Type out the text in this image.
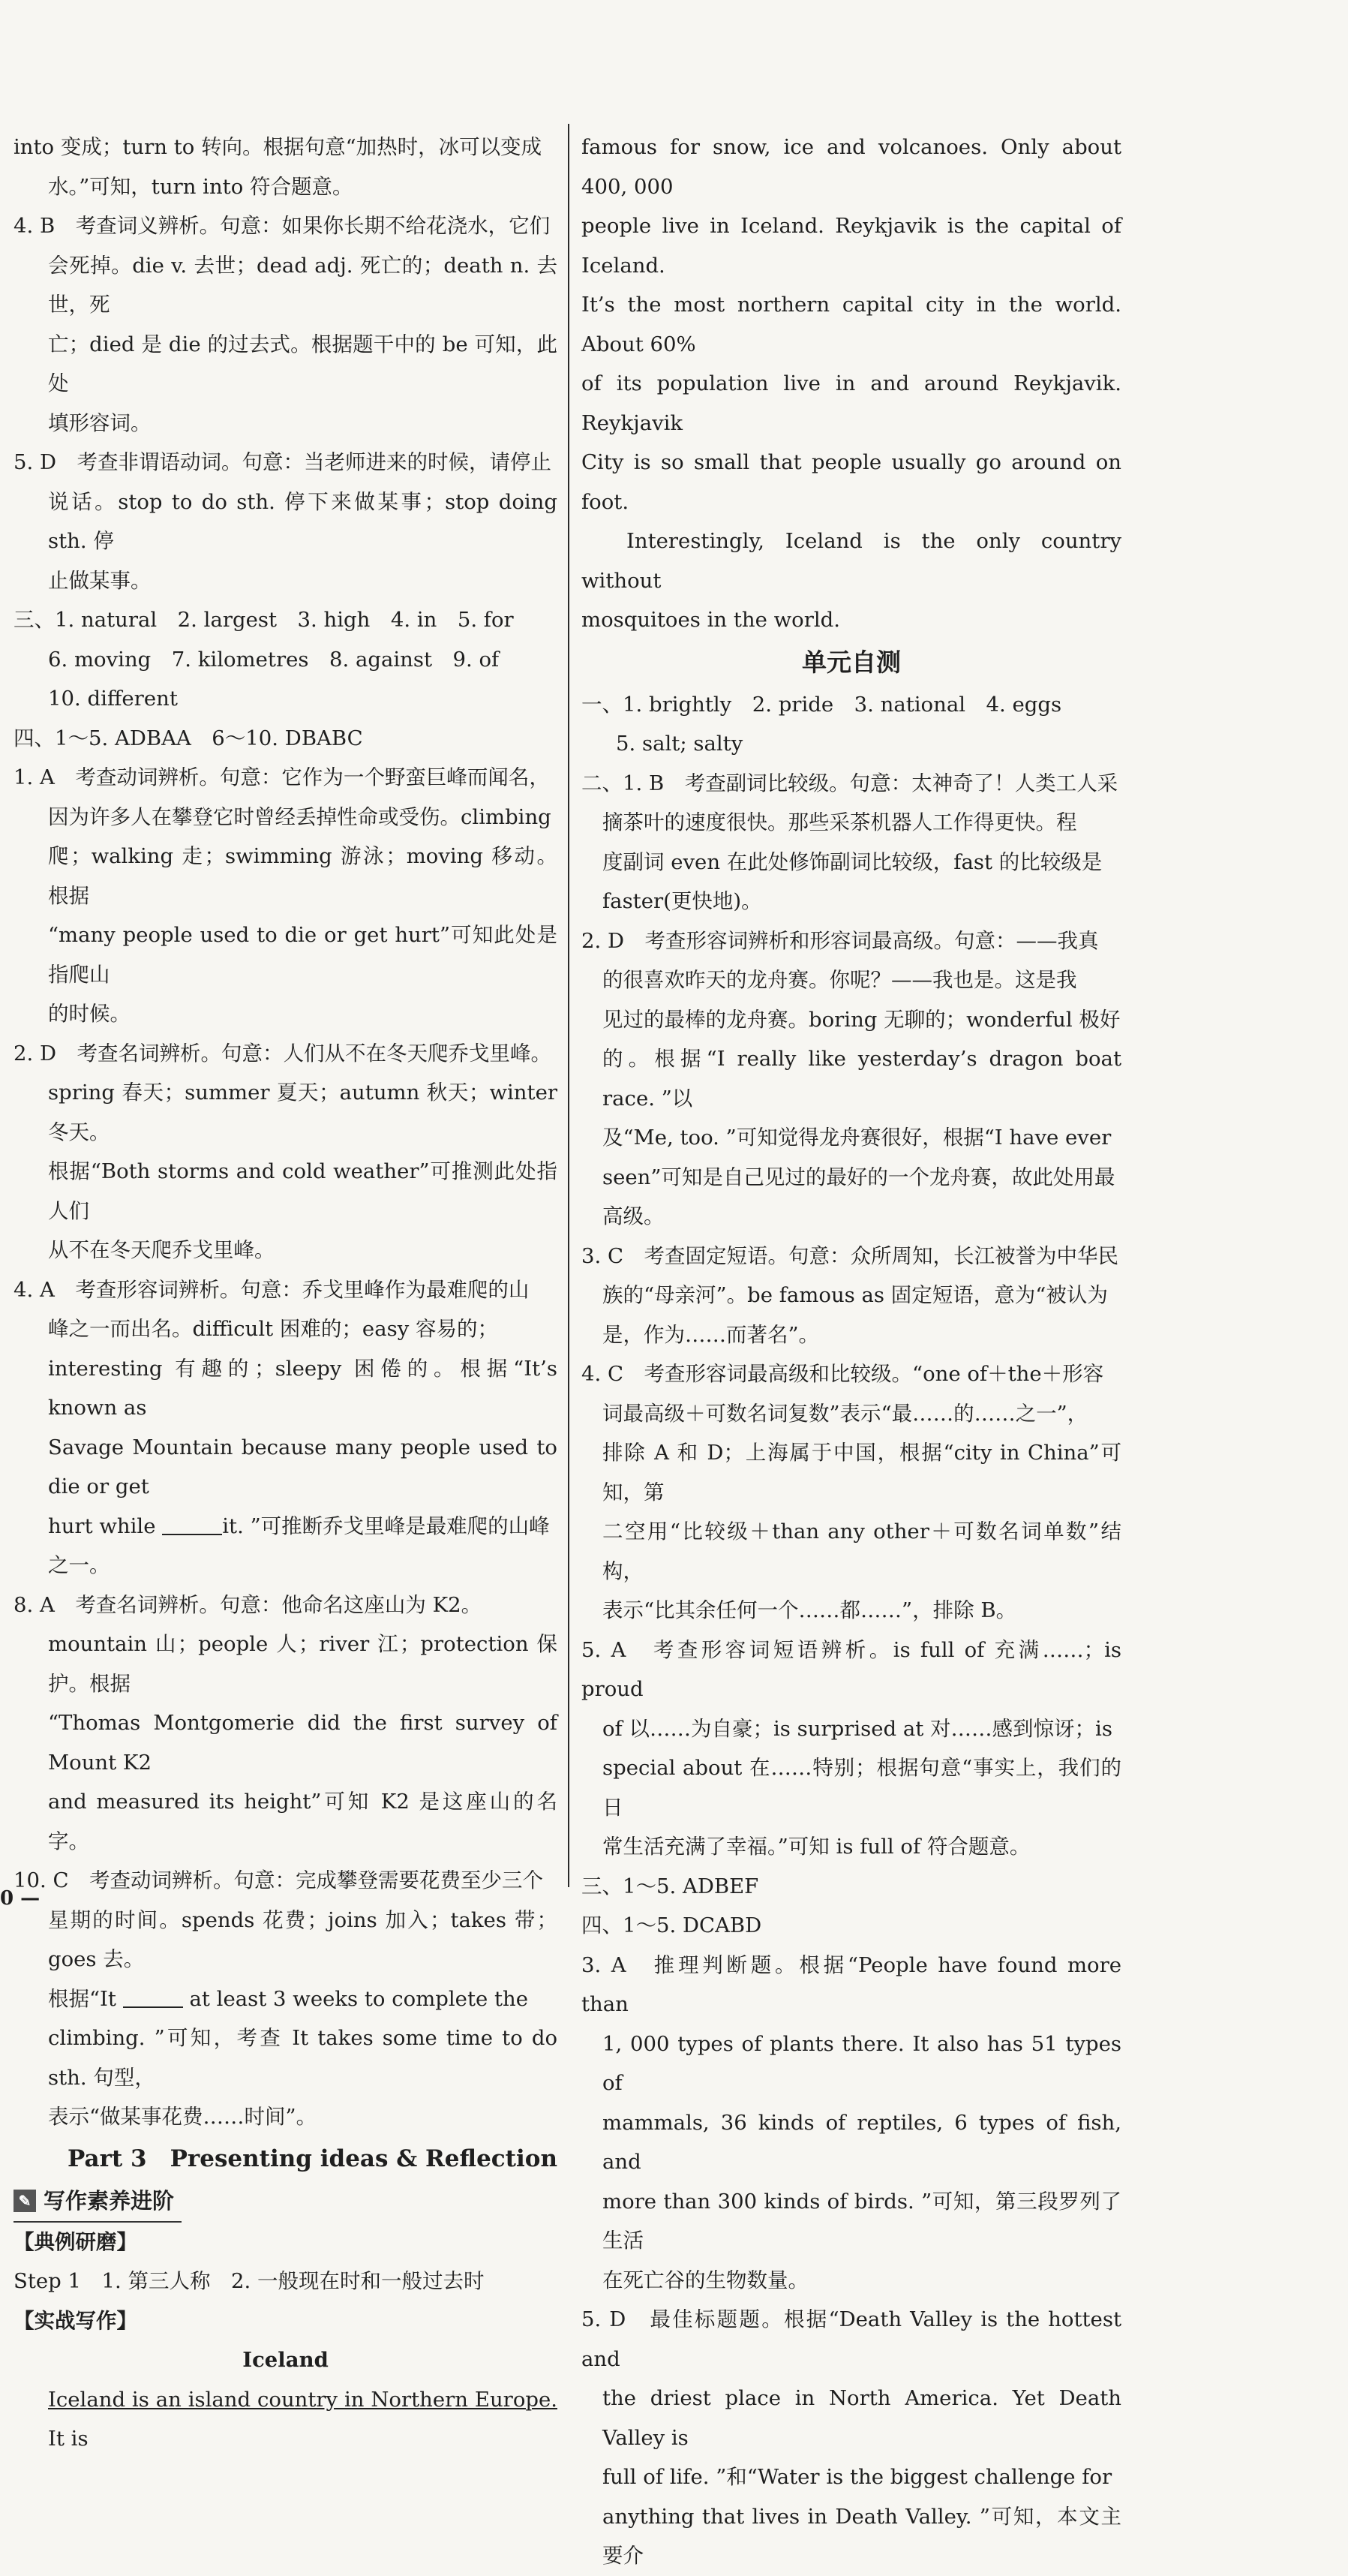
into 变成；turn to 转向。根据句意“加热时，冰可以变成

水。”可知，turn into 符合题意。

4. B　考查词义辨析。句意：如果你长期不给花浇水，它们

会死掉。die v. 去世；dead adj. 死亡的；death n. 去世，死

亡；died 是 die 的过去式。根据题干中的 be 可知，此处

填形容词。

5. D　考查非谓语动词。句意：当老师进来的时候，请停止

说话。stop to do sth. 停下来做某事；stop doing sth. 停

止做某事。

三、1. natural　2. largest　3. high　4. in　5. for

6. moving　7. kilometres　8. against　9. of

10. different

四、1～5. ADBAA　6～10. DBABC

1. A　考查动词辨析。句意：它作为一个野蛮巨峰而闻名，

因为许多人在攀登它时曾经丢掉性命或受伤。climbing

爬；walking 走；swimming 游泳；moving 移动。根据

“many people used to die or get hurt”可知此处是指爬山

的时候。

2. D　考查名词辨析。句意：人们从不在冬天爬乔戈里峰。

spring 春天；summer 夏天；autumn 秋天；winter 冬天。

根据“Both storms and cold weather”可推测此处指人们

从不在冬天爬乔戈里峰。

4. A　考查形容词辨析。句意：乔戈里峰作为最难爬的山

峰之一而出名。difficult 困难的；easy 容易的；

interesting 有趣的；sleepy 困倦的。根据“It’s known as

Savage Mountain because many people used to die or get

hurt while	it. ”可推断乔戈里峰是最难爬的山峰

之一。

8. A　考查名词辨析。句意：他命名这座山为 K2。

mountain 山；people 人；river 江；protection 保护。根据

“Thomas Montgomerie did the first survey of Mount K2

and measured its height”可知 K2 是这座山的名字。

10. C　考查动词辨析。句意：完成攀登需要花费至少三个

星期的时间。spends 花费；joins 加入；takes 带；goes 去。

根据“It	at least 3 weeks to complete the

climbing. ”可知，考查 It takes some time to do sth. 句型，

表示“做某事花费……时间”。

Part 3　Presenting ideas & Reflection
✎ 写作素养进阶

【典例研磨】

Step 1　1. 第三人称　2. 一般现在时和一般过去时

【实战写作】

Iceland

Iceland is an island country in Northern Europe. It is

famous for snow, ice and volcanoes. Only about 400, 000

people live in Iceland. Reykjavik is the capital of Iceland.

It’s the most northern capital city in the world. About 60%

of its population live in and around Reykjavik. Reykjavik

City is so small that people usually go around on foot.

Interestingly, Iceland is the only country without

mosquitoes in the world.

单元自测

一、1. brightly　2. pride　3. national　4. eggs

5. salt; salty

二、1. B　考查副词比较级。句意：太神奇了！人类工人采

摘茶叶的速度很快。那些采茶机器人工作得更快。程

度副词 even 在此处修饰副词比较级，fast 的比较级是

faster(更快地)。

2. D　考查形容词辨析和形容词最高级。句意：——我真

的很喜欢昨天的龙舟赛。你呢？——我也是。这是我

见过的最棒的龙舟赛。boring 无聊的；wonderful 极好

的。根据“I really like yesterday’s dragon boat race. ”以

及“Me, too. ”可知觉得龙舟赛很好，根据“I have ever

seen”可知是自己见过的最好的一个龙舟赛，故此处用最

高级。

3. C　考查固定短语。句意：众所周知，长江被誉为中华民

族的“母亲河”。be famous as 固定短语，意为“被认为

是，作为……而著名”。

4. C　考查形容词最高级和比较级。“one of＋the＋形容

词最高级＋可数名词复数”表示“最……的……之一”，

排除 A 和 D；上海属于中国，根据“city in China”可知，第

二空用“比较级＋than any other＋可数名词单数”结构，

表示“比其余任何一个……都……”，排除 B。

5. A　考查形容词短语辨析。is full of 充满……；is proud

of 以……为自豪；is surprised at 对……感到惊讶；is

special about 在……特别；根据句意“事实上，我们的日

常生活充满了幸福。”可知 is full of 符合题意。

三、1～5. ADBEF

四、1～5. DCABD

3. A　推理判断题。根据“People have found more than

1, 000 types of plants there. It also has 51 types of

mammals, 36 kinds of reptiles, 6 types of fish, and

more than 300 kinds of birds. ”可知，第三段罗列了生活

在死亡谷的生物数量。

5. D　最佳标题题。根据“Death Valley is the hottest and

the driest place in North America. Yet Death Valley is

full of life. ”和“Water is the biggest challenge for

anything that lives in Death Valley. ”可知，本文主要介

0 —
